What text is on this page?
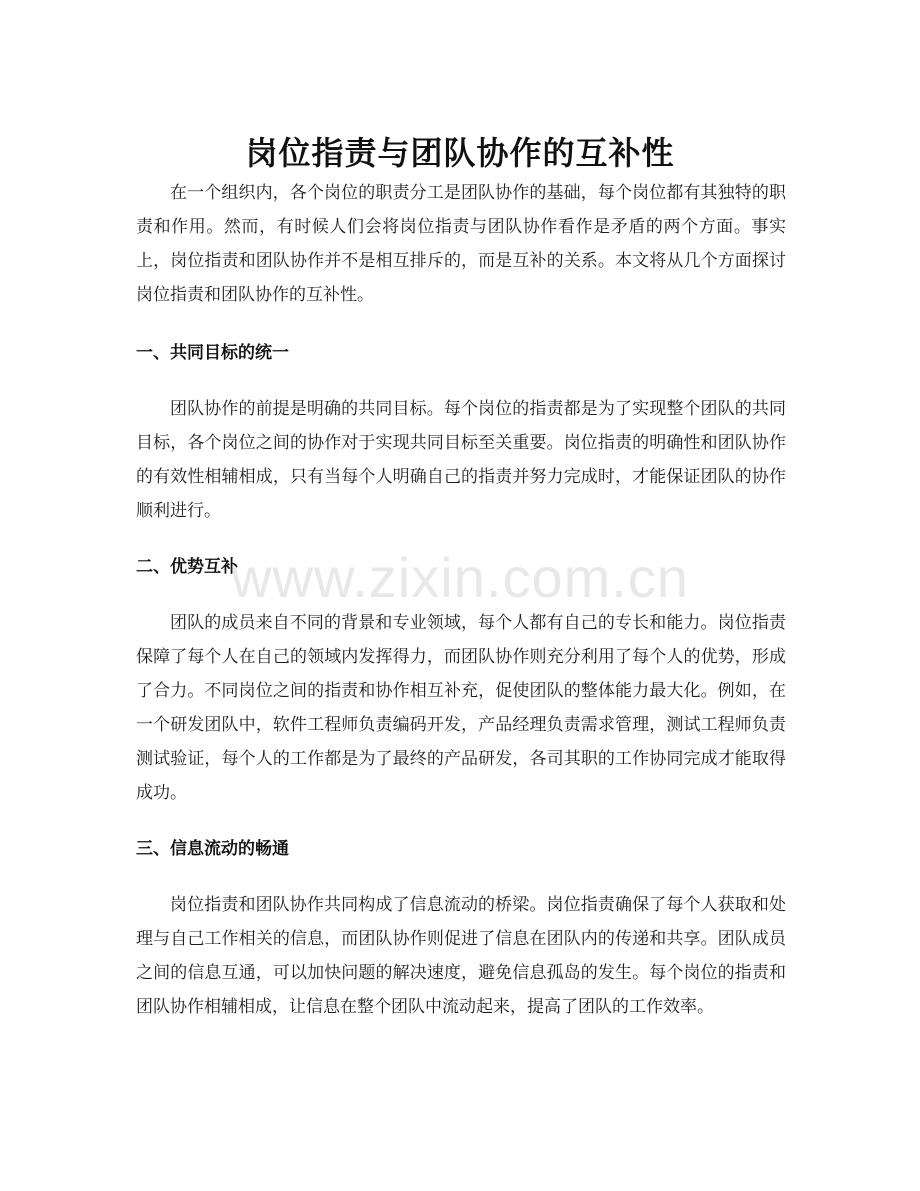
岗位指责与团队协作的互补性

在一个组织内，各个岗位的职责分工是团队协作的基础，每个岗位都有其独特的职责和作用。然而，有时候人们会将岗位指责与团队协作看作是矛盾的两个方面。事实上，岗位指责和团队协作并不是相互排斥的，而是互补的关系。本文将从几个方面探讨岗位指责和团队协作的互补性。

一、共同目标的统一

团队协作的前提是明确的共同目标。每个岗位的指责都是为了实现整个团队的共同目标，各个岗位之间的协作对于实现共同目标至关重要。岗位指责的明确性和团队协作的有效性相辅相成，只有当每个人明确自己的指责并努力完成时，才能保证团队的协作顺利进行。

二、优势互补

团队的成员来自不同的背景和专业领域，每个人都有自己的专长和能力。岗位指责保障了每个人在自己的领域内发挥得力，而团队协作则充分利用了每个人的优势，形成了合力。不同岗位之间的指责和协作相互补充，促使团队的整体能力最大化。例如，在一个研发团队中，软件工程师负责编码开发，产品经理负责需求管理，测试工程师负责测试验证，每个人的工作都是为了最终的产品研发，各司其职的工作协同完成才能取得成功。

三、信息流动的畅通

岗位指责和团队协作共同构成了信息流动的桥梁。岗位指责确保了每个人获取和处理与自己工作相关的信息，而团队协作则促进了信息在团队内的传递和共享。团队成员之间的信息互通，可以加快问题的解决速度，避免信息孤岛的发生。每个岗位的指责和团队协作相辅相成，让信息在整个团队中流动起来，提高了团队的工作效率。

www.zixin.com.cn
